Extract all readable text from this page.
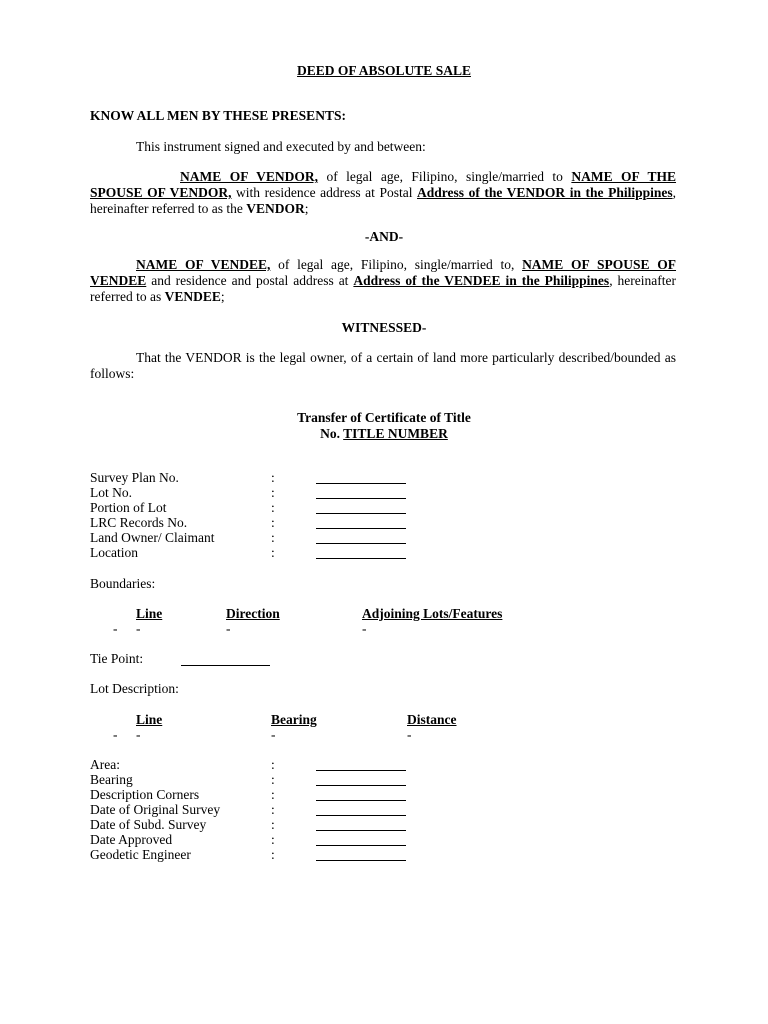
DEED OF ABSOLUTE SALE
KNOW ALL MEN BY THESE PRESENTS:
This instrument signed and executed by and between:
NAME OF VENDOR, of legal age, Filipino, single/married to NAME OF THE SPOUSE OF VENDOR, with residence address at Postal Address of the VENDOR in the Philippines, hereinafter referred to as the VENDOR;
-AND-
NAME OF VENDEE, of legal age, Filipino, single/married to, NAME OF SPOUSE OF VENDEE and residence and postal address at Address of the VENDEE in the Philippines, hereinafter referred to as VENDEE;
WITNESSED-
That the VENDOR is the legal owner, of a certain of land more particularly described/bounded as follows:
Transfer of Certificate of Title
No. TITLE NUMBER
Survey Plan No.	:
Lot No.	:
Portion of Lot	:
LRC Records No.	:
Land Owner/ Claimant	:
Location	:
Boundaries:
Line	Direction	Adjoining Lots/Features
- -	-	-
Tie Point:
Lot Description:
Line	Bearing	Distance
- -	-	-
Area:	:
Bearing	:
Description Corners	:
Date of Original Survey	:
Date of Subd. Survey	:
Date Approved	:
Geodetic Engineer	:
